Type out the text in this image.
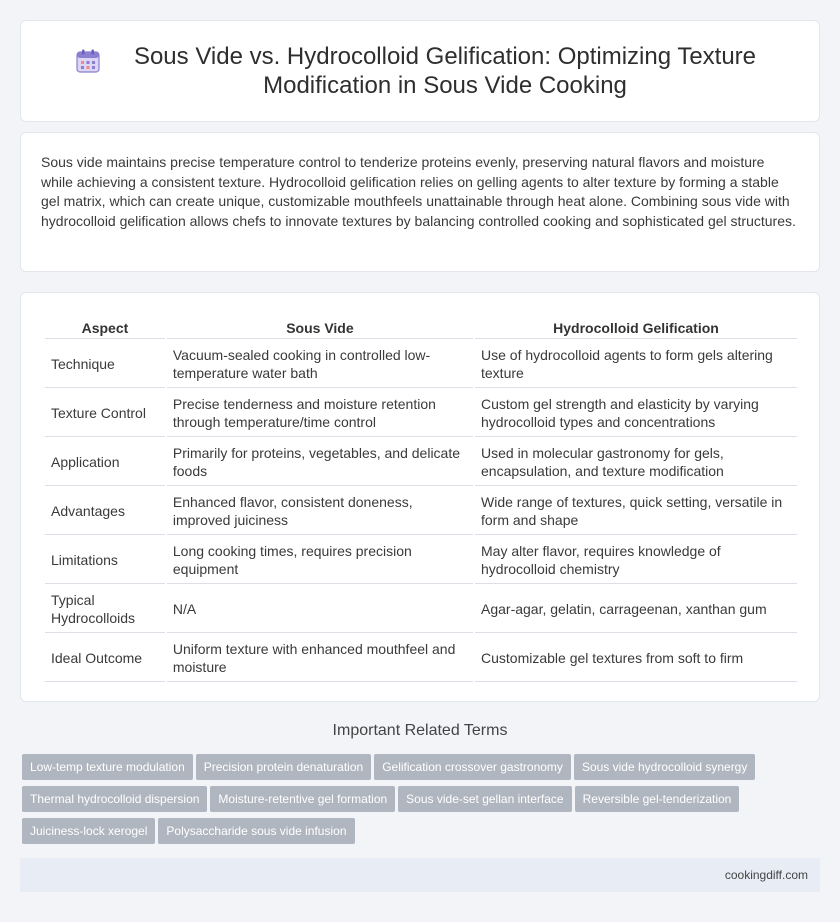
Sous Vide vs. Hydrocolloid Gelification: Optimizing Texture Modification in Sous Vide Cooking

Sous vide maintains precise temperature control to tenderize proteins evenly, preserving natural flavors and moisture while achieving a consistent texture. Hydrocolloid gelification relies on gelling agents to alter texture by forming a stable gel matrix, which can create unique, customizable mouthfeels unattainable through heat alone. Combining sous vide with hydrocolloid gelification allows chefs to innovate textures by balancing controlled cooking and sophisticated gel structures.

Aspect	Sous Vide	Hydrocolloid Gelification
Technique	Vacuum-sealed cooking in controlled low-temperature water bath	Use of hydrocolloid agents to form gels altering texture
Texture Control	Precise tenderness and moisture retention through temperature/time control	Custom gel strength and elasticity by varying hydrocolloid types and concentrations
Application	Primarily for proteins, vegetables, and delicate foods	Used in molecular gastronomy for gels, encapsulation, and texture modification
Advantages	Enhanced flavor, consistent doneness, improved juiciness	Wide range of textures, quick setting, versatile in form and shape
Limitations	Long cooking times, requires precision equipment	May alter flavor, requires knowledge of hydrocolloid chemistry
Typical Hydrocolloids	N/A	Agar-agar, gelatin, carrageenan, xanthan gum
Ideal Outcome	Uniform texture with enhanced mouthfeel and moisture	Customizable gel textures from soft to firm
Important Related Terms
Low-temp texture modulation Precision protein denaturation Gelification crossover gastronomy Sous vide hydrocolloid synergy
Thermal hydrocolloid dispersion Moisture-retentive gel formation Sous vide-set gellan interface Reversible gel-tenderization
Juiciness-lock xerogel Polysaccharide sous vide infusion
cookingdiff.com
